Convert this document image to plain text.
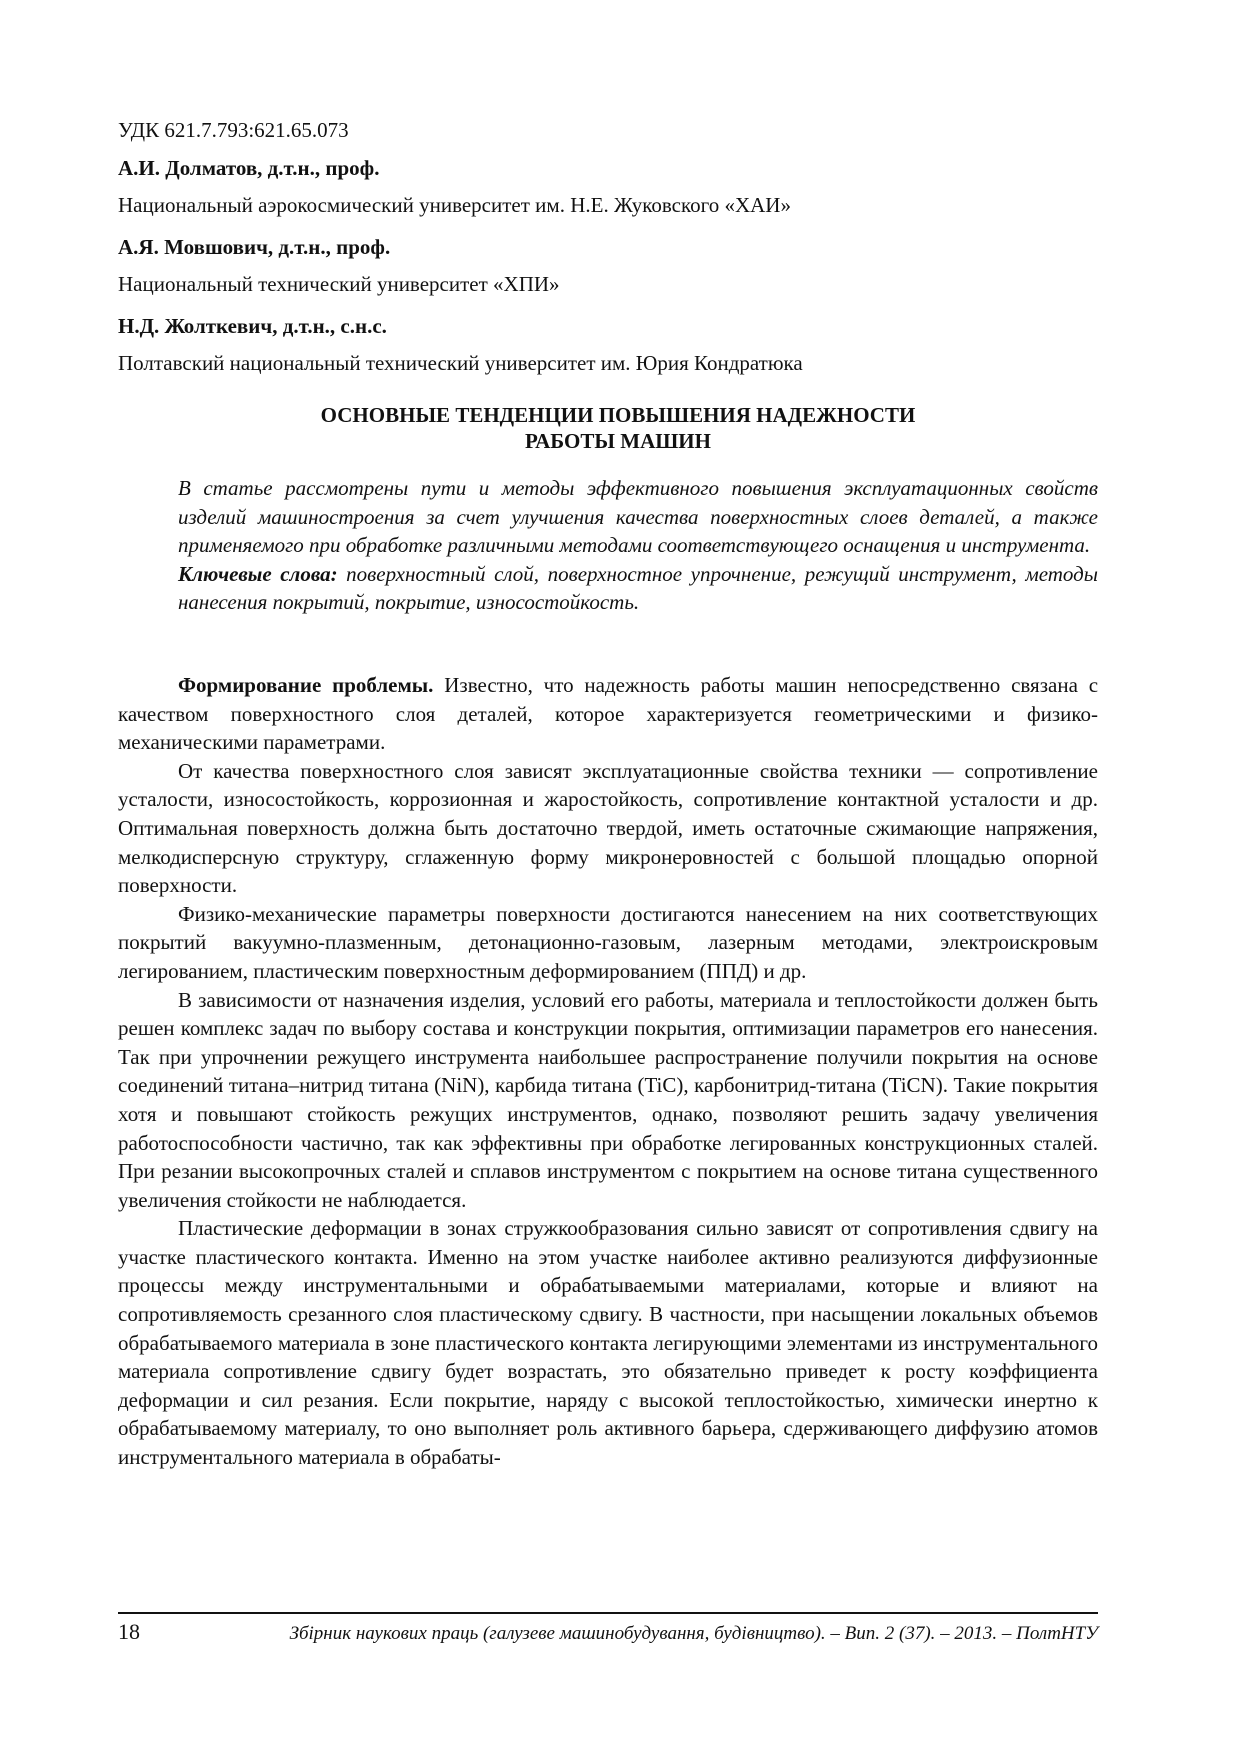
УДК 621.7.793:621.65.073
А.И. Долматов, д.т.н., проф.
Национальный аэрокосмический университет им. Н.Е. Жуковского «ХАИ»
А.Я. Мовшович, д.т.н., проф.
Национальный технический университет «ХПИ»
Н.Д. Жолткевич, д.т.н., с.н.с.
Полтавский национальный технический университет им. Юрия Кондратюка
ОСНОВНЫЕ ТЕНДЕНЦИИ ПОВЫШЕНИЯ НАДЕЖНОСТИ
РАБОТЫ МАШИН

В статье рассмотрены пути и методы эффективного повышения эксплуатационных свойств изделий машиностроения за счет улучшения качества поверхностных слоев деталей, а также применяемого при обработке различными методами соответствующего оснащения и инструмента.

Ключевые слова: поверхностный слой, поверхностное упрочнение, режущий инструмент, методы нанесения покрытий, покрытие, износостойкость.

Формирование проблемы. Известно, что надежность работы машин непосредственно связана с качеством поверхностного слоя деталей, которое характеризуется геометрическими и физико-механическими параметрами.

От качества поверхностного слоя зависят эксплуатационные свойства техники — сопротивление усталости, износостойкость, коррозионная и жаростойкость, сопротивление контактной усталости и др. Оптимальная поверхность должна быть достаточно твердой, иметь остаточные сжимающие напряжения, мелкодисперсную структуру, сглаженную форму микронеровностей с большой площадью опорной поверхности.

Физико-механические параметры поверхности достигаются нанесением на них соответствующих покрытий вакуумно-плазменным, детонационно-газовым, лазерным методами, электроискровым легированием, пластическим поверхностным деформированием (ППД) и др.

В зависимости от назначения изделия, условий его работы, материала и теплостойкости должен быть решен комплекс задач по выбору состава и конструкции покрытия, оптимизации параметров его нанесения. Так при упрочнении режущего инструмента наибольшее распространение получили покрытия на основе соединений титана–нитрид титана (NiN), карбида титана (TiC), карбонитрид-титана (TiCN). Такие покрытия хотя и повышают стойкость режущих инструментов, однако, позволяют решить задачу увеличения работоспособности частично, так как эффективны при обработке легированных конструкционных сталей. При резании высокопрочных сталей и сплавов инструментом с покрытием на основе титана существенного увеличения стойкости не наблюдается.

Пластические деформации в зонах стружкообразования сильно зависят от сопротивления сдвигу на участке пластического контакта. Именно на этом участке наиболее активно реализуются диффузионные процессы между инструментальными и обрабатываемыми материалами, которые и влияют на сопротивляемость срезанного слоя пластическому сдвигу. В частности, при насыщении локальных объемов обрабатываемого материала в зоне пластического контакта легирующими элементами из инструментального материала сопротивление сдвигу будет возрастать, это обязательно приведет к росту коэффициента деформации и сил резания. Если покрытие, наряду с высокой теплостойкостью, химически инертно к обрабатываемому материалу, то оно выполняет роль активного барьера, сдерживающего диффузию атомов инструментального материала в обрабаты-

18	Збірник наукових праць (галузеве машинобудування, будівництво). – Вип. 2 (37). – 2013. – ПолтНТУ
